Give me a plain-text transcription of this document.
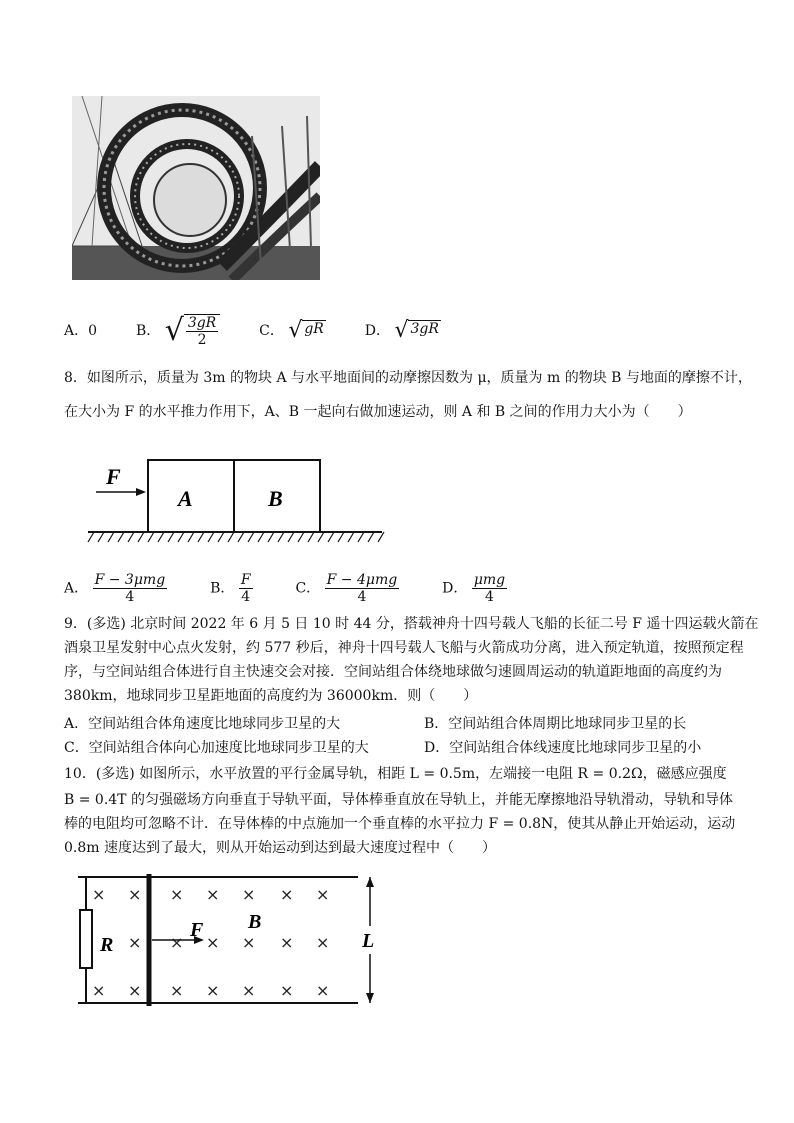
A．0	B． √ $\frac{3gR}{2}$	C． √ gR	D． √ 3gR
8．如图所示，质量为 3m 的物块 A 与水平地面间的动摩擦因数为 μ，质量为 m 的物块 B 与地面的摩擦不计，
在大小为 F 的水平推力作用下，A、B 一起向右做加速运动，则 A 和 B 之间的作用力大小为（　　）
F
A	B
A． $\frac{\text{F − 3μmg}}{4}$	B． $\frac{F}{4}$	C． $\frac{\text{F − 4μmg}}{4}$	D． $\frac{\text{μmg}}{4}$
9．(多选) 北京时间 2022 年 6 月 5 日 10 时 44 分，搭载神舟十四号载人飞船的长征二号 F 遥十四运载火箭在
酒泉卫星发射中心点火发射，约 577 秒后，神舟十四号载人飞船与火箭成功分离，进入预定轨道，按照预定程
序，与空间站组合体进行自主快速交会对接．空间站组合体绕地球做匀速圆周运动的轨道距地面的高度约为
380km，地球同步卫星距地面的高度约为 36000km．则（　　）
A．空间站组合体角速度比地球同步卫星的大	B．空间站组合体周期比地球同步卫星的长
C．空间站组合体向心加速度比地球同步卫星的大	D．空间站组合体线速度比地球同步卫星的小
10．(多选) 如图所示，水平放置的平行金属导轨，相距 L = 0.5m，左端接一电阻 R = 0.2Ω，磁感应强度
B = 0.4T 的匀强磁场方向垂直于导轨平面，导体棒垂直放在导轨上，并能无摩擦地沿导轨滑动，导轨和导体
棒的电阻均可忽略不计．在导体棒的中点施加一个垂直棒的水平拉力 F = 0.8N，使其从静止开始运动，运动
0.8m 速度达到了最大，则从开始运动到达到最大速度过程中（　　）
R
× × × × × × ×
× × × × × ×
× × × × × × ×
F B
L
